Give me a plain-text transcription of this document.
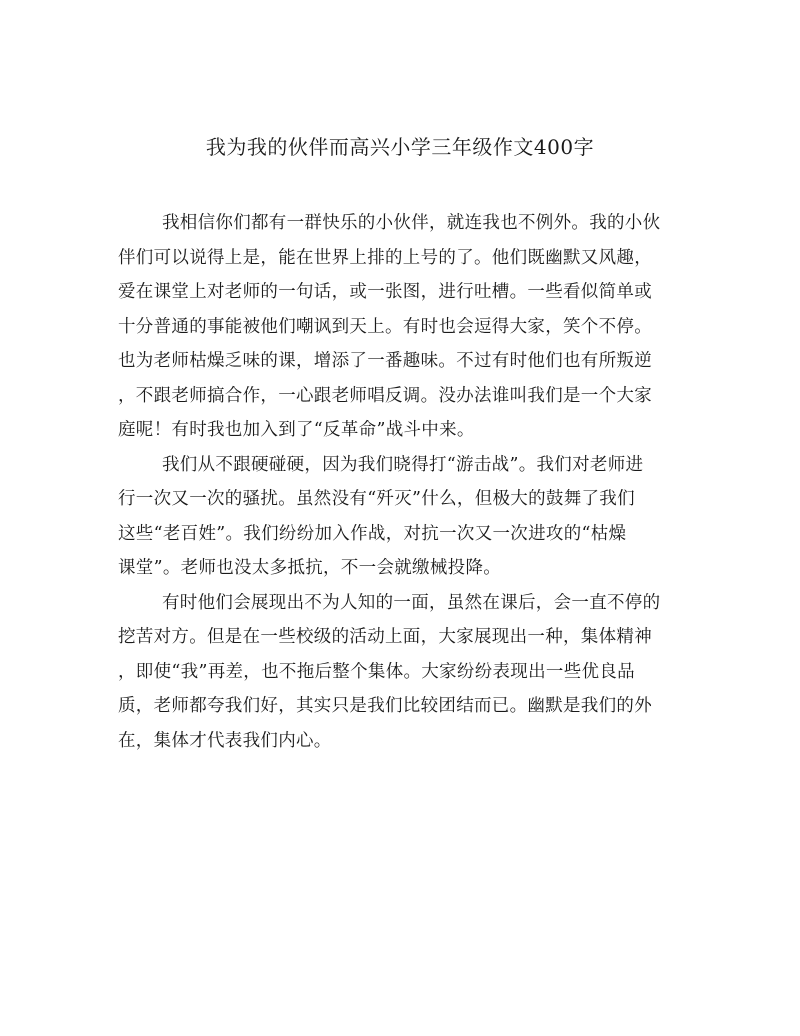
我为我的伙伴而高兴小学三年级作文400字

我相信你们都有一群快乐的小伙伴，就连我也不例外。我的小伙
伴们可以说得上是，能在世界上排的上号的了。他们既幽默又风趣，
爱在课堂上对老师的一句话，或一张图，进行吐槽。一些看似简单或
十分普通的事能被他们嘲讽到天上。有时也会逗得大家，笑个不停。
也为老师枯燥乏味的课，增添了一番趣味。不过有时他们也有所叛逆
，不跟老师搞合作，一心跟老师唱反调。没办法谁叫我们是一个大家
庭呢！有时我也加入到了“反革命”战斗中来。

我们从不跟硬碰硬，因为我们晓得打“游击战”。我们对老师进
行一次又一次的骚扰。虽然没有“歼灭”什么，但极大的鼓舞了我们
这些“老百姓”。我们纷纷加入作战，对抗一次又一次进攻的“枯燥
课堂”。老师也没太多抵抗，不一会就缴械投降。

有时他们会展现出不为人知的一面，虽然在课后，会一直不停的
挖苦对方。但是在一些校级的活动上面，大家展现出一种，集体精神
，即使“我”再差，也不拖后整个集体。大家纷纷表现出一些优良品
质，老师都夸我们好，其实只是我们比较团结而已。幽默是我们的外
在，集体才代表我们内心。
